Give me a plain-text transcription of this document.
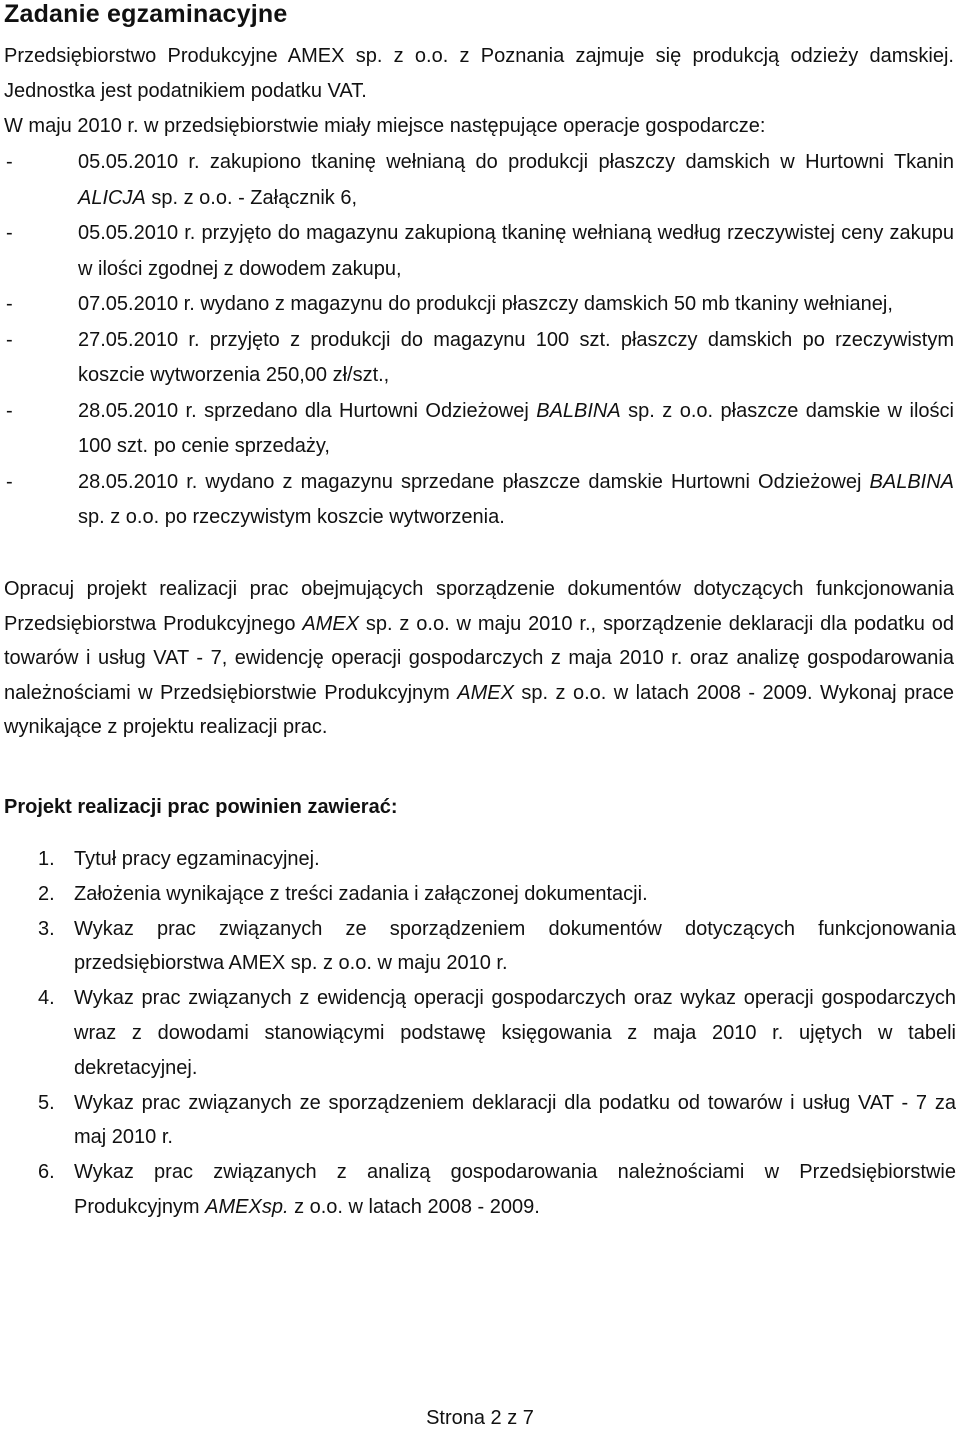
Zadanie egzaminacyjne

Przedsiębiorstwo Produkcyjne AMEX sp. z o.o. z Poznania zajmuje się produkcją odzieży damskiej. Jednostka jest podatnikiem podatku VAT.

W maju 2010 r. w przedsiębiorstwie miały miejsce następujące operacje gospodarcze:

-	05.05.2010 r. zakupiono tkaninę wełnianą do produkcji płaszczy damskich w Hurtowni Tkanin ALICJA sp. z o.o. - Załącznik 6,
-	05.05.2010 r. przyjęto do magazynu zakupioną tkaninę wełnianą według rzeczywistej ceny zakupu w ilości zgodnej z dowodem zakupu,
-	07.05.2010 r. wydano z magazynu do produkcji płaszczy damskich 50 mb tkaniny wełnianej,
-	27.05.2010 r. przyjęto z produkcji do magazynu 100 szt. płaszczy damskich po rzeczywistym koszcie wytworzenia 250,00 zł/szt.,
-	28.05.2010 r. sprzedano dla Hurtowni Odzieżowej BALBINA sp. z o.o. płaszcze damskie w ilości 100 szt. po cenie sprzedaży,
-	28.05.2010 r. wydano z magazynu sprzedane płaszcze damskie Hurtowni Odzieżowej BALBINA sp. z o.o. po rzeczywistym koszcie wytworzenia.

Opracuj projekt realizacji prac obejmujących sporządzenie dokumentów dotyczących funkcjonowania Przedsiębiorstwa Produkcyjnego AMEX sp. z o.o. w maju 2010 r., sporządzenie deklaracji dla podatku od towarów i usług VAT - 7, ewidencję operacji gospodarczych z maja 2010 r. oraz analizę gospodarowania należnościami w Przedsiębiorstwie Produkcyjnym AMEX sp. z o.o. w latach 2008 - 2009. Wykonaj prace wynikające z projektu realizacji prac.

Projekt realizacji prac powinien zawierać:
1. Tytuł pracy egzaminacyjnej.
2. Założenia wynikające z treści zadania i załączonej dokumentacji.
3. Wykaz prac związanych ze sporządzeniem dokumentów dotyczących funkcjonowania przedsiębiorstwa AMEX sp. z o.o. w maju 2010 r.
4. Wykaz prac związanych z ewidencją operacji gospodarczych oraz wykaz operacji gospodarczych wraz z dowodami stanowiącymi podstawę księgowania z maja 2010 r. ujętych w tabeli dekretacyjnej.
5. Wykaz prac związanych ze sporządzeniem deklaracji dla podatku od towarów i usług VAT - 7 za maj 2010 r.
6. Wykaz prac związanych z analizą gospodarowania należnościami w Przedsiębiorstwie Produkcyjnym AMEXsp. z o.o. w latach 2008 - 2009.
Strona 2 z 7
